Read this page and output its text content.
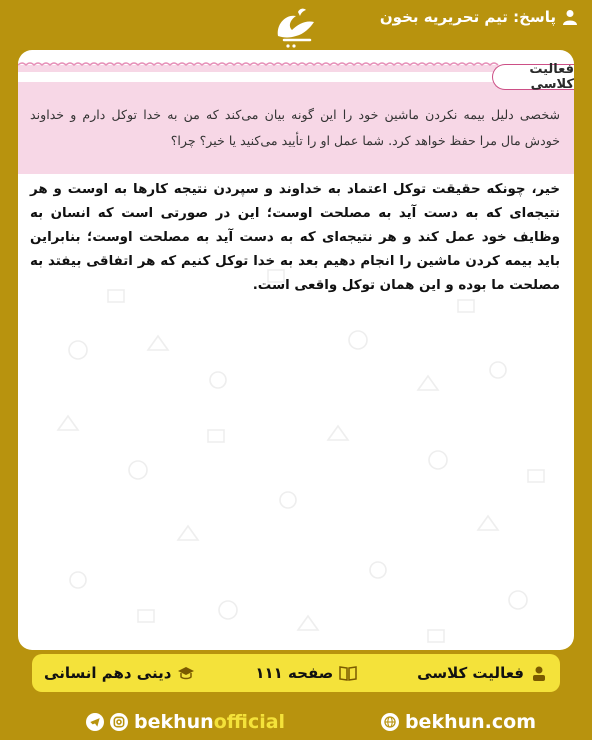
پاسخ: تیم تحریریه بخون
فعالیت کلاسی
شخصی دلیل بیمه نکردن ماشین خود را این گونه بیان می‌کند که من به خدا توکل دارم و خداوند خودش مال مرا حفظ خواهد کرد. شما عمل او را تأیید می‌کنید یا خیر؟ چرا؟
خیر، چونکه حقیقت توکل اعتماد به خداوند و سپردن نتیجه کارها به اوست و هر نتیجه‌ای که به دست آید به مصلحت اوست؛ این در صورتی است که انسان به وظایف خود عمل کند و هر نتیجه‌ای که به دست آید به مصلحت اوست؛ بنابراین باید بیمه کردن ماشین را انجام دهیم بعد به خدا توکل کنیم که هر اتفاقی بیفتد به مصلحت ما بوده و این همان توکل واقعی است.
فعالیت کلاسی
صفحه ۱۱۱
دینی دهم انسانی
bekhunofficial	bekhun.com
